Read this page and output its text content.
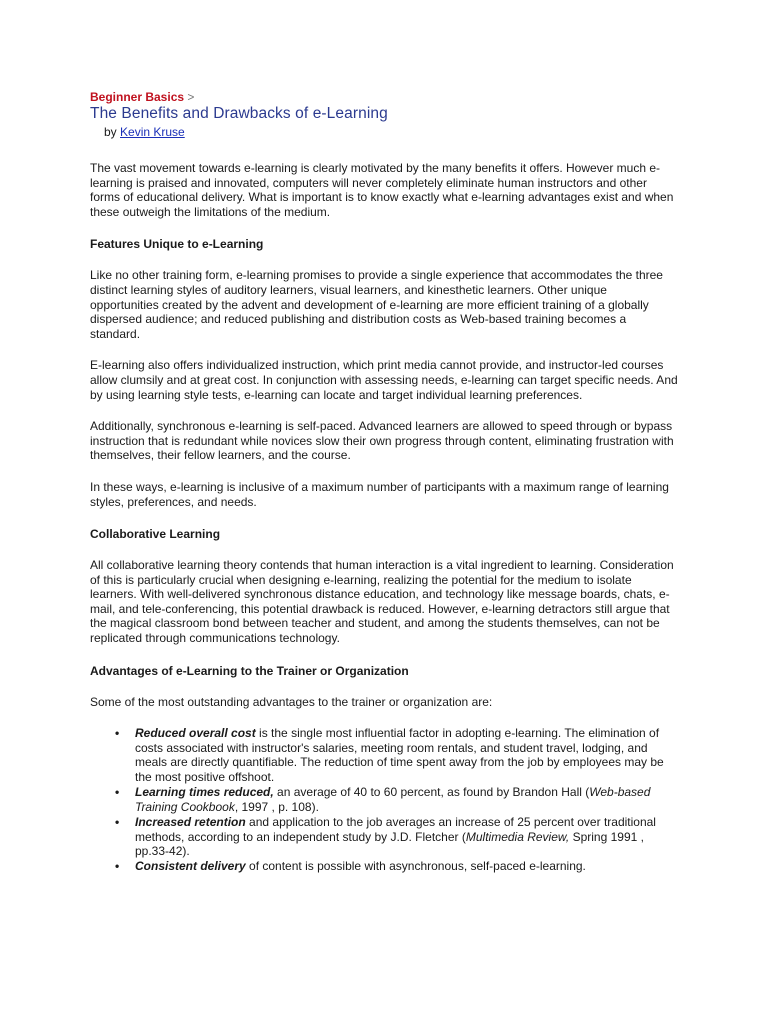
Beginner Basics >
The Benefits and Drawbacks of e-Learning
by Kevin Kruse

The vast movement towards e-learning is clearly motivated by the many benefits it offers. However much e-learning is praised and innovated, computers will never completely eliminate human instructors and other forms of educational delivery. What is important is to know exactly what e-learning advantages exist and when these outweigh the limitations of the medium.

Features Unique to e-Learning

Like no other training form, e-learning promises to provide a single experience that accommodates the three distinct learning styles of auditory learners, visual learners, and kinesthetic learners. Other unique opportunities created by the advent and development of e-learning are more efficient training of a globally dispersed audience; and reduced publishing and distribution costs as Web-based training becomes a standard.

E-learning also offers individualized instruction, which print media cannot provide, and instructor-led courses allow clumsily and at great cost. In conjunction with assessing needs, e-learning can target specific needs. And by using learning style tests, e-learning can locate and target individual learning preferences.

Additionally, synchronous e-learning is self-paced. Advanced learners are allowed to speed through or bypass instruction that is redundant while novices slow their own progress through content, eliminating frustration with themselves, their fellow learners, and the course.

In these ways, e-learning is inclusive of a maximum number of participants with a maximum range of learning styles, preferences, and needs.

Collaborative Learning

All collaborative learning theory contends that human interaction is a vital ingredient to learning. Consideration of this is particularly crucial when designing e-learning, realizing the potential for the medium to isolate learners. With well-delivered synchronous distance education, and technology like message boards, chats, e-mail, and tele-conferencing, this potential drawback is reduced. However, e-learning detractors still argue that the magical classroom bond between teacher and student, and among the students themselves, can not be replicated through communications technology.

Advantages of e-Learning to the Trainer or Organization

Some of the most outstanding advantages to the trainer or organization are:

• Reduced overall cost is the single most influential factor in adopting e-learning. The elimination of costs associated with instructor's salaries, meeting room rentals, and student travel, lodging, and meals are directly quantifiable. The reduction of time spent away from the job by employees may be the most positive offshoot.
• Learning times reduced, an average of 40 to 60 percent, as found by Brandon Hall (Web-based Training Cookbook, 1997 , p. 108).
• Increased retention and application to the job averages an increase of 25 percent over traditional methods, according to an independent study by J.D. Fletcher (Multimedia Review, Spring 1991 , pp.33-42).
• Consistent delivery of content is possible with asynchronous, self-paced e-learning.
